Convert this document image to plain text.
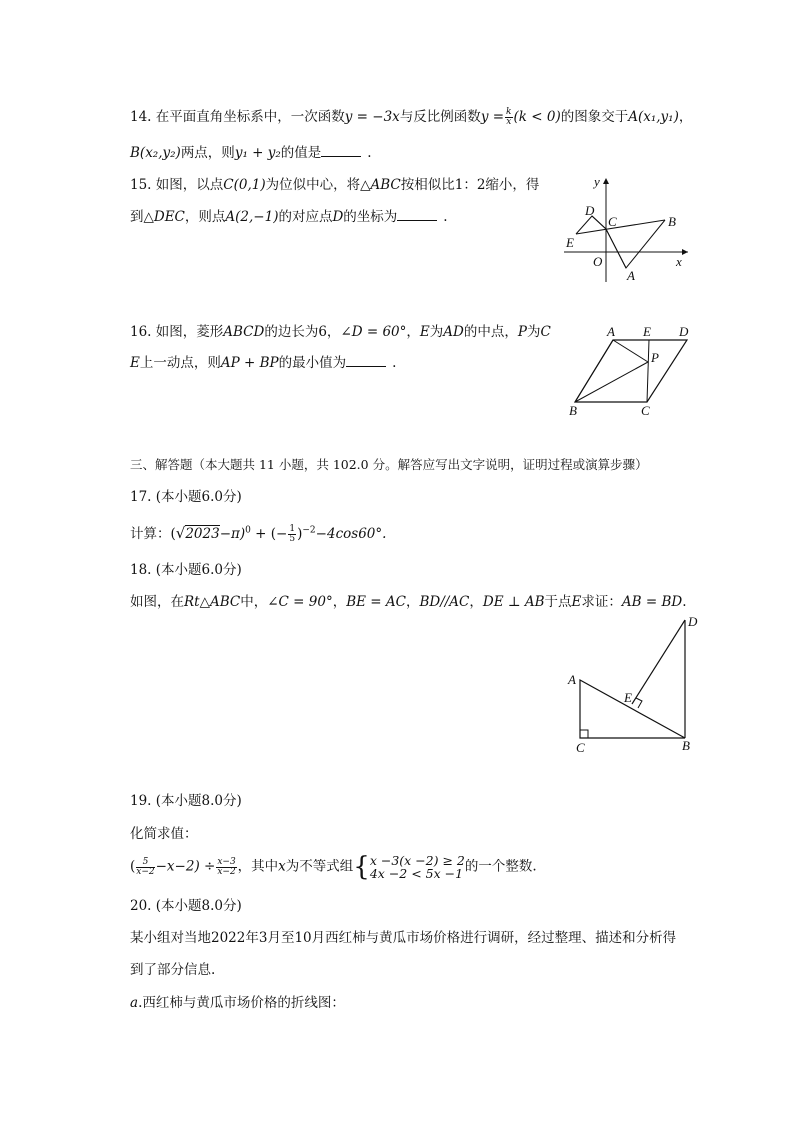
14. 在平面直角坐标系中，一次函数y = −3x与反比例函数$y = \frac{k}{x} (k < 0)$的图象交于A(x₁,y₁)，
B(x₂,y₂)两点，则y₁ + y₂的值是	.
15. 如图，以点C(0,1)为位似中心，将△ABC按相似比1：2缩小，得
到△DEC，则点A(2,−1)的对应点D的坐标为	.
y
x
O
D
C	B
E
A
16. 如图，菱形ABCD的边长为6，∠D = 60°，E为AD的中点，P为C
E上一动点，则AP + BP的最小值为	.
A E D
P
B	C
三、解答题（本大题共 11 小题，共 102.0 分。解答应写出文字说明，证明过程或演算步骤）
17. (本小题6.0分)
计算：$(√2023-\pi)^0$ + (− $\frac{1}{5} )^{-2}-4\cos 60^\circ$.
18. (本小题6.0分)
如图，在Rt△ABC中，∠C = 90°，BE = AC，BD//AC，DE ⊥ AB于点E求证：AB = BD.
D
A
E
C	B
19. (本小题8.0分)
化简求值：
( $\frac{5}{x-2} -x-2) \div \frac{x-3}{x-2}$ ，其中x为不等式组{ x −3(x −2) ≥ 2
4x −2 < 5x −1 的一个整数.
20. (本小题8.0分)
某小组对当地2022年3月至10月西红柿与黄瓜市场价格进行调研，经过整理、描述和分析得
到了部分信息.
a.西红柿与黄瓜市场价格的折线图：
